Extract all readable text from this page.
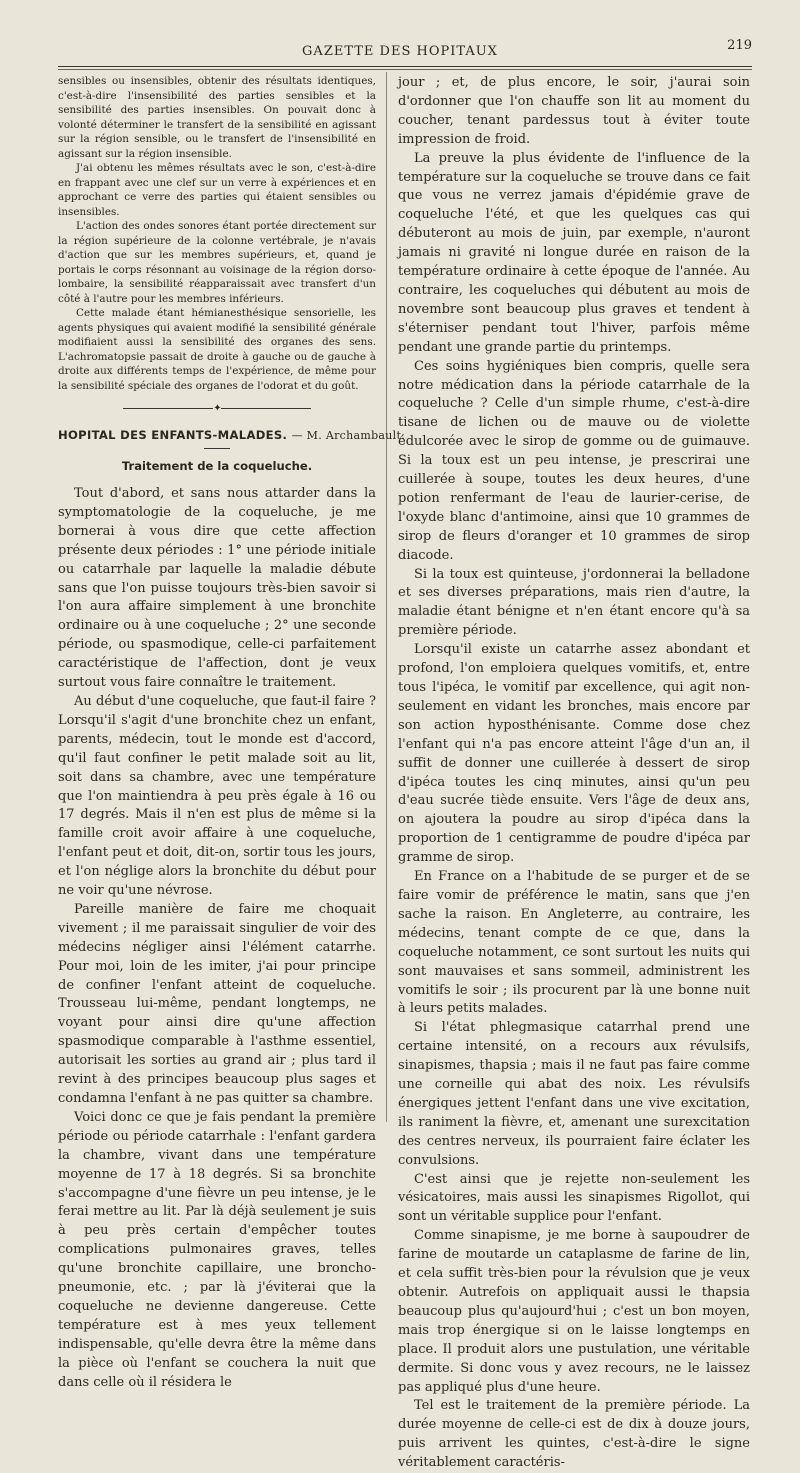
GAZETTE DES HOPITAUX	219

sensibles ou insensibles, obtenir des résultats identiques, c'est-à-dire l'insensibilité des parties sensibles et la sensibilité des parties insensibles. On pouvait donc à volonté déterminer le transfert de la sensibilité en agissant sur la région sensible, ou le transfert de l'insensibilité en agissant sur la région insensible.

J'ai obtenu les mêmes résultats avec le son, c'est-à-dire en frappant avec une clef sur un verre à expériences et en approchant ce verre des parties qui étaient sensibles ou insensibles.

L'action des ondes sonores étant portée directement sur la région supérieure de la colonne vertébrale, je n'avais d'action que sur les membres supérieurs, et, quand je portais le corps résonnant au voisinage de la région dorso-lombaire, la sensibilité réapparaissait avec transfert d'un côté à l'autre pour les membres inférieurs.

Cette malade étant hémianesthésique sensorielle, les agents physiques qui avaient modifié la sensibilité générale modifiaient aussi la sensibilité des organes des sens. L'achromatopsie passait de droite à gauche ou de gauche à droite aux différents temps de l'expérience, de même pour la sensibilité spéciale des organes de l'odorat et du goût.

✦
HOPITAL DES ENFANTS-MALADES. — M. Archambault.
Traitement de la coqueluche.

Tout d'abord, et sans nous attarder dans la symptomatologie de la coqueluche, je me bornerai à vous dire que cette affection présente deux périodes : 1° une période initiale ou catarrhale par laquelle la maladie débute sans que l'on puisse toujours très-bien savoir si l'on aura affaire simplement à une bronchite ordinaire ou à une coqueluche ; 2° une seconde période, ou spasmodique, celle-ci parfaitement caractéristique de l'affection, dont je veux surtout vous faire connaître le traitement.

Au début d'une coqueluche, que faut-il faire ? Lorsqu'il s'agit d'une bronchite chez un enfant, parents, médecin, tout le monde est d'accord, qu'il faut confiner le petit malade soit au lit, soit dans sa chambre, avec une température que l'on maintiendra à peu près égale à 16 ou 17 degrés. Mais il n'en est plus de même si la famille croit avoir affaire à une coqueluche, l'enfant peut et doit, dit-on, sortir tous les jours, et l'on néglige alors la bronchite du début pour ne voir qu'une névrose.

Pareille manière de faire me choquait vivement ; il me paraissait singulier de voir des médecins négliger ainsi l'élément catarrhe. Pour moi, loin de les imiter, j'ai pour principe de confiner l'enfant atteint de coqueluche. Trousseau lui-même, pendant longtemps, ne voyant pour ainsi dire qu'une affection spasmodique comparable à l'asthme essentiel, autorisait les sorties au grand air ; plus tard il revint à des principes beaucoup plus sages et condamna l'enfant à ne pas quitter sa chambre.

Voici donc ce que je fais pendant la première période ou période catarrhale : l'enfant gardera la chambre, vivant dans une température moyenne de 17 à 18 degrés. Si sa bronchite s'accompagne d'une fièvre un peu intense, je le ferai mettre au lit. Par là déjà seulement je suis à peu près certain d'empêcher toutes complications pulmonaires graves, telles qu'une bronchite capillaire, une broncho-pneumonie, etc. ; par là j'éviterai que la coqueluche ne devienne dangereuse. Cette température est à mes yeux tellement indispensable, qu'elle devra être la même dans la pièce où l'enfant se couchera la nuit que dans celle où il résidera le

jour ; et, de plus encore, le soir, j'aurai soin d'ordonner que l'on chauffe son lit au moment du coucher, tenant pardessus tout à éviter toute impression de froid.

La preuve la plus évidente de l'influence de la température sur la coqueluche se trouve dans ce fait que vous ne verrez jamais d'épidémie grave de coqueluche l'été, et que les quelques cas qui débuteront au mois de juin, par exemple, n'auront jamais ni gravité ni longue durée en raison de la température ordinaire à cette époque de l'année. Au contraire, les coqueluches qui débutent au mois de novembre sont beaucoup plus graves et tendent à s'éterniser pendant tout l'hiver, parfois même pendant une grande partie du printemps.

Ces soins hygiéniques bien compris, quelle sera notre médication dans la période catarrhale de la coqueluche ? Celle d'un simple rhume, c'est-à-dire tisane de lichen ou de mauve ou de violette édulcorée avec le sirop de gomme ou de guimauve. Si la toux est un peu intense, je prescrirai une cuillerée à soupe, toutes les deux heures, d'une potion renfermant de l'eau de laurier-cerise, de l'oxyde blanc d'antimoine, ainsi que 10 grammes de sirop de fleurs d'oranger et 10 grammes de sirop diacode.

Si la toux est quinteuse, j'ordonnerai la belladone et ses diverses préparations, mais rien d'autre, la maladie étant bénigne et n'en étant encore qu'à sa première période.

Lorsqu'il existe un catarrhe assez abondant et profond, l'on emploiera quelques vomitifs, et, entre tous l'ipéca, le vomitif par excellence, qui agit non-seulement en vidant les bronches, mais encore par son action hyposthénisante. Comme dose chez l'enfant qui n'a pas encore atteint l'âge d'un an, il suffit de donner une cuillerée à dessert de sirop d'ipéca toutes les cinq minutes, ainsi qu'un peu d'eau sucrée tiède ensuite. Vers l'âge de deux ans, on ajoutera la poudre au sirop d'ipéca dans la proportion de 1 centigramme de poudre d'ipéca par gramme de sirop.

En France on a l'habitude de se purger et de se faire vomir de préférence le matin, sans que j'en sache la raison. En Angleterre, au contraire, les médecins, tenant compte de ce que, dans la coqueluche notamment, ce sont surtout les nuits qui sont mauvaises et sans sommeil, administrent les vomitifs le soir ; ils procurent par là une bonne nuit à leurs petits malades.

Si l'état phlegmasique catarrhal prend une certaine intensité, on a recours aux révulsifs, sinapismes, thapsia ; mais il ne faut pas faire comme une corneille qui abat des noix. Les révulsifs énergiques jettent l'enfant dans une vive excitation, ils raniment la fièvre, et, amenant une surexcitation des centres nerveux, ils pourraient faire éclater les convulsions.

C'est ainsi que je rejette non-seulement les vésicatoires, mais aussi les sinapismes Rigollot, qui sont un véritable supplice pour l'enfant.

Comme sinapisme, je me borne à saupoudrer de farine de moutarde un cataplasme de farine de lin, et cela suffit très-bien pour la révulsion que je veux obtenir. Autrefois on appliquait aussi le thapsia beaucoup plus qu'aujourd'hui ; c'est un bon moyen, mais trop énergique si on le laisse longtemps en place. Il produit alors une pustulation, une véritable dermite. Si donc vous y avez recours, ne le laissez pas appliqué plus d'une heure.

Tel est le traitement de la première période. La durée moyenne de celle-ci est de dix à douze jours, puis arrivent les quintes, c'est-à-dire le signe véritablement caractéris-
